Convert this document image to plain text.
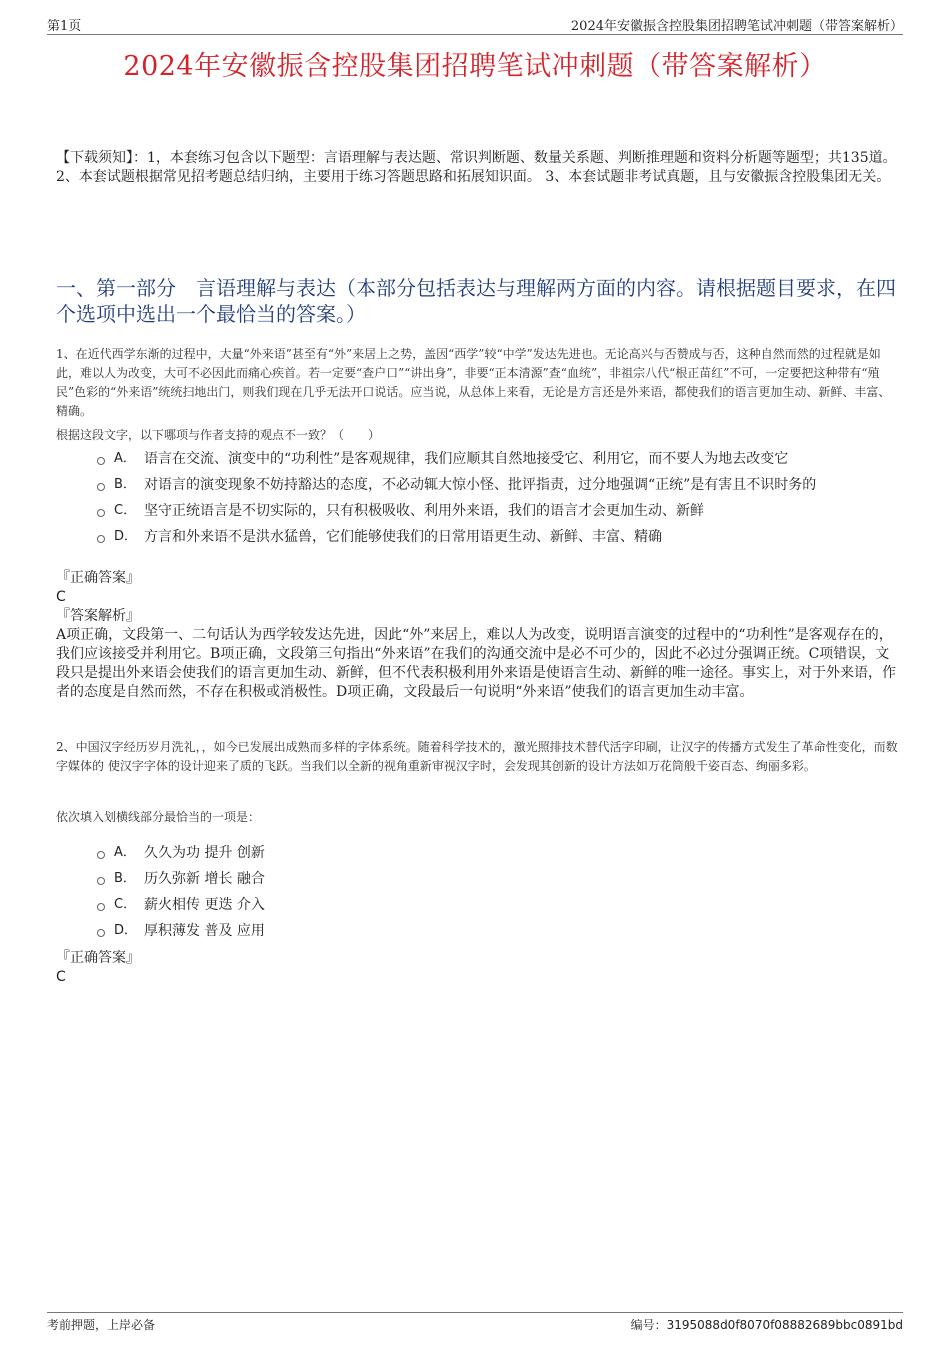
第1页	2024年安徽振含控股集团招聘笔试冲刺题（带答案解析）
2024年安徽振含控股集团招聘笔试冲刺题（带答案解析）
【下载须知】：1，本套练习包含以下题型：言语理解与表达题、常识判断题、数量关系题、判断推理题和资料分析题等题型；共135道。 2、本套试题根据常见招考题总结归纳，主要用于练习答题思路和拓展知识面。 3、本套试题非考试真题，且与安徽振含控股集团无关。
一、第一部分　言语理解与表达（本部分包括表达与理解两方面的内容。请根据题目要求，在四个选项中选出一个最恰当的答案。）
1、在近代西学东渐的过程中，大量“外来语”甚至有“外”来居上之势，盖因“西学”较“中学”发达先进也。无论高兴与否赞成与否，这种自然而然的过程就是如此，难以人为改变，大可不必因此而痛心疾首。若一定要“查户口”“讲出身”，非要“正本清源”查“血统”，非祖宗八代“根正苗红”不可，一定要把这种带有“殖民”色彩的“外来语”统统扫地出门，则我们现在几乎无法开口说话。应当说，从总体上来看，无论是方言还是外来语，都使我们的语言更加生动、新鲜、丰富、精确。
根据这段文字，以下哪项与作者支持的观点不一致？（　　）
A． 语言在交流、演变中的“功利性”是客观规律，我们应顺其自然地接受它、利用它，而不要人为地去改变它
B． 对语言的演变现象不妨持豁达的态度，不必动辄大惊小怪、批评指责，过分地强调“正统”是有害且不识时务的
C． 坚守正统语言是不切实际的，只有积极吸收、利用外来语，我们的语言才会更加生动、新鲜
D． 方言和外来语不是洪水猛兽，它们能够使我们的日常用语更生动、新鲜、丰富、精确
『正确答案』
C
『答案解析』
A项正确，文段第一、二句话认为西学较发达先进，因此“外”来居上，难以人为改变，说明语言演变的过程中的“功利性”是客观存在的，我们应该接受并利用它。B项正确，文段第三句指出“外来语”在我们的沟通交流中是必不可少的，因此不必过分强调正统。C项错误，文段只是提出外来语会使我们的语言更加生动、新鲜，但不代表积极利用外来语是使语言生动、新鲜的唯一途径。事实上，对于外来语，作者的态度是自然而然，不存在积极或消极性。D项正确，文段最后一句说明“外来语”使我们的语言更加生动丰富。
2、中国汉字经历岁月洗礼，，如今已发展出成熟而多样的字体系统。随着科学技术的，激光照排技术替代活字印刷，让汉字的传播方式发生了革命性变化，而数字媒体的 使汉字字体的设计迎来了质的飞跃。当我们以全新的视角重新审视汉字时，会发现其创新的设计方法如万花筒般千姿百态、绚丽多彩。
依次填入划横线部分最恰当的一项是：
A． 久久为功 提升 创新
B． 历久弥新 增长 融合
C． 薪火相传 更迭 介入
D． 厚积薄发 普及 应用
『正确答案』
C
考前押题，上岸必备	编号：3195088d0f8070f08882689bbc0891bd
